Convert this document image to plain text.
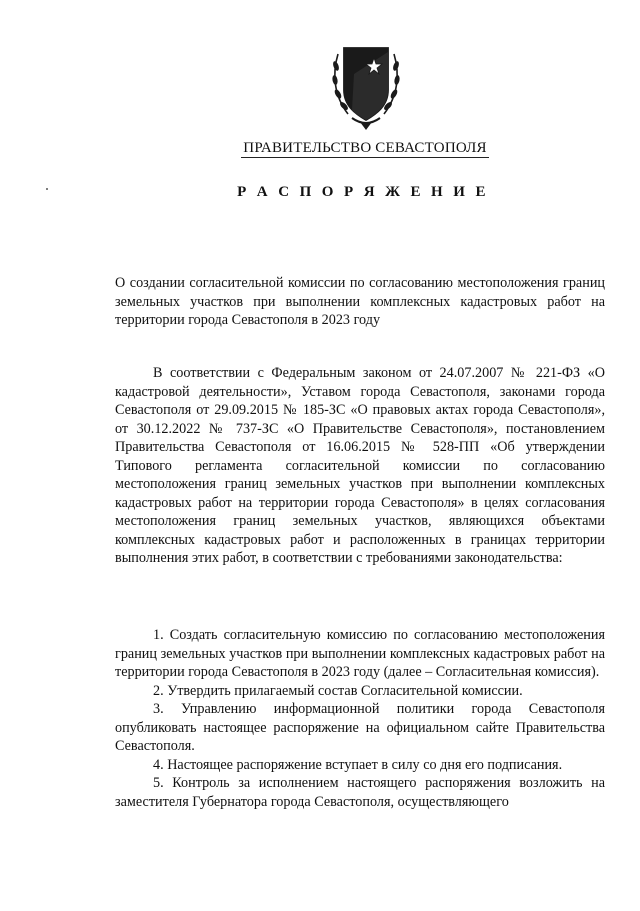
ПРАВИТЕЛЬСТВО СЕВАСТОПОЛЯ
Р А С П О Р Я Ж Е Н И Е
О создании согласительной комиссии по согласованию местоположения границ земельных участков при выполнении комплексных кадастровых работ на территории города Севастополя в 2023 году

В соответствии с Федеральным законом от 24.07.2007 № 221-ФЗ «О кадастровой деятельности», Уставом города Севастополя, законами города Севастополя от 29.09.2015 № 185-ЗС «О правовых актах города Севастополя», от 30.12.2022 № 737-ЗС «О Правительстве Севастополя», постановлением Правительства Севастополя от 16.06.2015 № 528-ПП «Об утверждении Типового регламента согласительной комиссии по согласованию местоположения границ земельных участков при выполнении комплексных кадастровых работ на территории города Севастополя» в целях согласования местоположения границ земельных участков, являющихся объектами комплексных кадастровых работ и расположенных в границах территории выполнения этих работ, в соответствии с требованиями законодательства:

1. Создать согласительную комиссию по согласованию местоположения границ земельных участков при выполнении комплексных кадастровых работ на территории города Севастополя в 2023 году (далее – Согласительная комиссия).

2. Утвердить прилагаемый состав Согласительной комиссии.

3. Управлению информационной политики города Севастополя опубликовать настоящее распоряжение на официальном сайте Правительства Севастополя.

4. Настоящее распоряжение вступает в силу со дня его подписания.

5. Контроль за исполнением настоящего распоряжения возложить на заместителя Губернатора города Севастополя, осуществляющего
